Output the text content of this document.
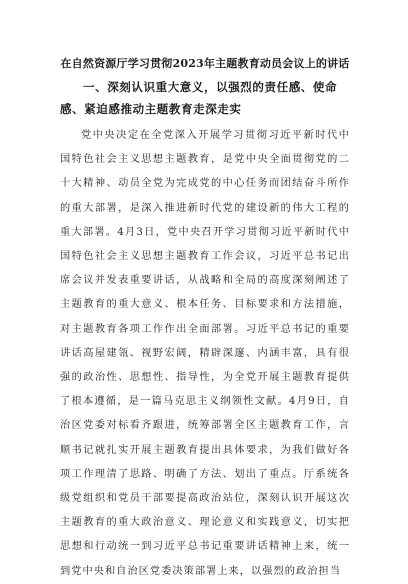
在自然资源厅学习贯彻2023年主题教育动员会议上的讲话

一、深刻认识重大意义，以强烈的责任感、使命感、紧迫感推动主题教育走深走实

党中央决定在全党深入开展学习贯彻习近平新时代中国特色社会主义思想主题教育，是党中央全面贯彻党的二十大精神、动员全党为完成党的中心任务而团结奋斗所作的重大部署，是深入推进新时代党的建设新的伟大工程的重大部署。4月3日，党中央召开学习贯彻习近平新时代中国特色社会主义思想主题教育工作会议，习近平总书记出席会议并发表重要讲话，从战略和全局的高度深刻阐述了主题教育的重大意义、根本任务、目标要求和方法措施，对主题教育各项工作作出全面部署。习近平总书记的重要讲话高屋建瓴、视野宏阔，精辟深邃、内涵丰富，具有很强的政治性、思想性、指导性，为全党开展主题教育提供了根本遵循，是一篇马克思主义纲领性文献。4月9日，自治区党委对标看齐跟进，统筹部署全区主题教育工作，言顺书记就扎实开展主题教育提出具体要求，为我们做好各项工作理清了思路、明确了方法、划出了重点。厅系统各级党组织和党员干部要提高政治站位，深刻认识开展这次主题教育的重大政治意义、理论意义和实践意义，切实把思想和行动统一到习近平总书记重要讲话精神上来，统一到党中央和自治区党委决策部署上来，以强烈的政治担当
